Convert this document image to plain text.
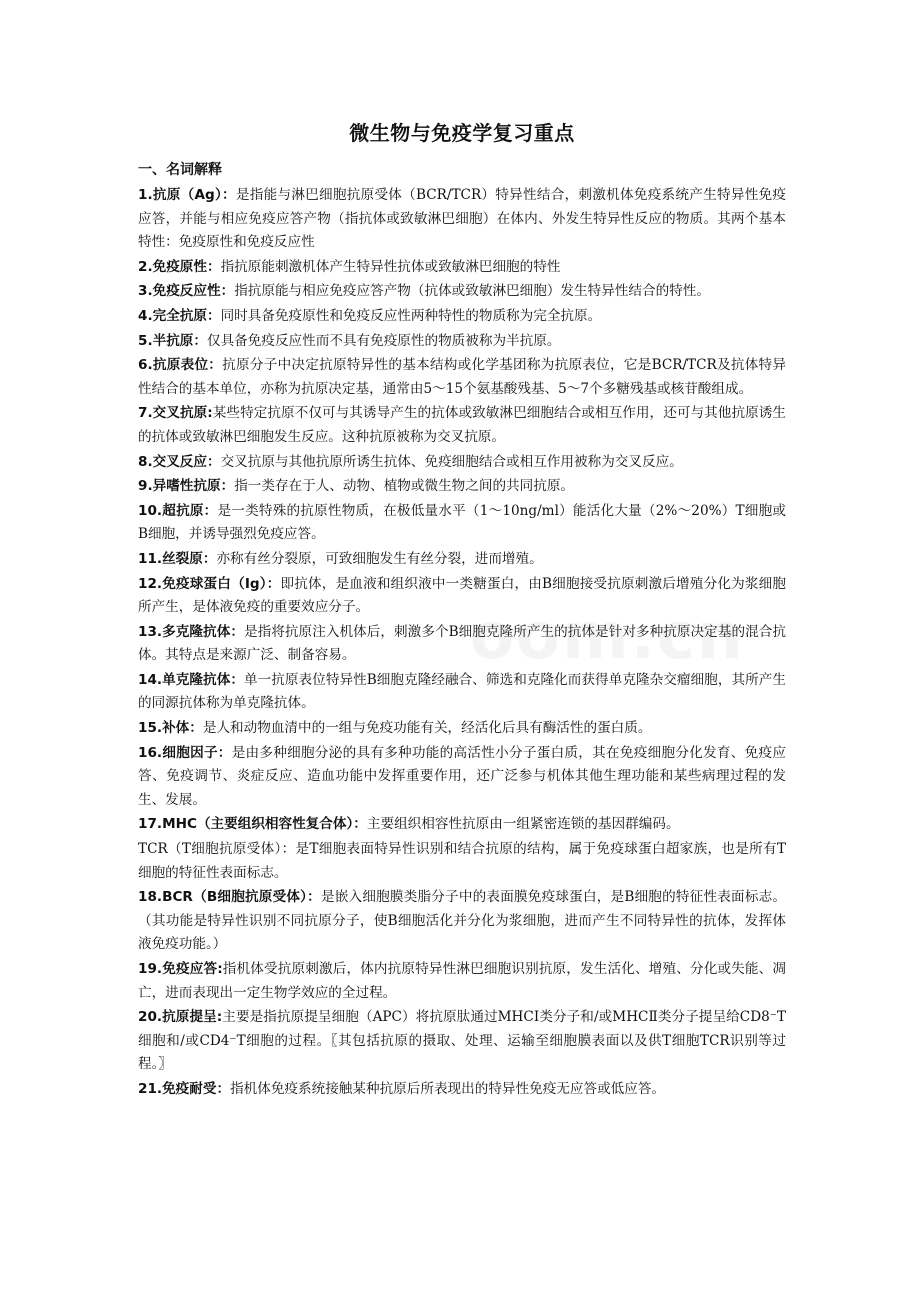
微生物与免疫学复习重点
一、名词解释

1.抗原（Ag）：是指能与淋巴细胞抗原受体（BCR/TCR）特异性结合，刺激机体免疫系统产生特异性免疫应答，并能与相应免疫应答产物（指抗体或致敏淋巴细胞）在体内、外发生特异性反应的物质。其两个基本特性：免疫原性和免疫反应性

2.免疫原性：指抗原能刺激机体产生特异性抗体或致敏淋巴细胞的特性

3.免疫反应性：指抗原能与相应免疫应答产物（抗体或致敏淋巴细胞）发生特异性结合的特性。

4.完全抗原：同时具备免疫原性和免疫反应性两种特性的物质称为完全抗原。

5.半抗原：仅具备免疫反应性而不具有免疫原性的物质被称为半抗原。

6.抗原表位：抗原分子中决定抗原特异性的基本结构或化学基团称为抗原表位，它是BCR/TCR及抗体特异性结合的基本单位，亦称为抗原决定基，通常由5～15个氨基酸残基、5～7个多糖残基或核苷酸组成。

7.交叉抗原:某些特定抗原不仅可与其诱导产生的抗体或致敏淋巴细胞结合或相互作用，还可与其他抗原诱生的抗体或致敏淋巴细胞发生反应。这种抗原被称为交叉抗原。

8.交叉反应：交叉抗原与其他抗原所诱生抗体、免疫细胞结合或相互作用被称为交叉反应。

9.异嗜性抗原：指一类存在于人、动物、植物或微生物之间的共同抗原。

10.超抗原：是一类特殊的抗原性物质，在极低量水平（1～10ng/ml）能活化大量（2%～20%）T细胞或B细胞，并诱导强烈免疫应答。

11.丝裂原：亦称有丝分裂原，可致细胞发生有丝分裂，进而增殖。

12.免疫球蛋白（Ig）：即抗体，是血液和组织液中一类糖蛋白，由B细胞接受抗原刺激后增殖分化为浆细胞所产生，是体液免疫的重要效应分子。

13.多克隆抗体：是指将抗原注入机体后，刺激多个B细胞克隆所产生的抗体是针对多种抗原决定基的混合抗体。其特点是来源广泛、制备容易。

14.单克隆抗体：单一抗原表位特异性B细胞克隆经融合、筛选和克隆化而获得单克隆杂交瘤细胞，其所产生的同源抗体称为单克隆抗体。

15.补体：是人和动物血清中的一组与免疫功能有关，经活化后具有酶活性的蛋白质。

16.细胞因子：是由多种细胞分泌的具有多种功能的高活性小分子蛋白质，其在免疫细胞分化发育、免疫应答、免疫调节、炎症反应、造血功能中发挥重要作用，还广泛参与机体其他生理功能和某些病理过程的发生、发展。

17.MHC（主要组织相容性复合体）：主要组织相容性抗原由一组紧密连锁的基因群编码。

TCR（T细胞抗原受体）：是T细胞表面特异性识别和结合抗原的结构，属于免疫球蛋白超家族，也是所有T细胞的特征性表面标志。

18.BCR（B细胞抗原受体）：是嵌入细胞膜类脂分子中的表面膜免疫球蛋白，是B细胞的特征性表面标志。（其功能是特异性识别不同抗原分子，使B细胞活化并分化为浆细胞，进而产生不同特异性的抗体，发挥体液免疫功能。）

19.免疫应答:指机体受抗原刺激后，体内抗原特异性淋巴细胞识别抗原，发生活化、增殖、分化或失能、凋亡，进而表现出一定生物学效应的全过程。

20.抗原提呈:主要是指抗原提呈细胞（APC）将抗原肽通过MHCⅠ类分子和/或MHCⅡ类分子提呈给CD8⁻T细胞和/或CD4⁻T细胞的过程。〖其包括抗原的摄取、处理、运输至细胞膜表面以及供T细胞TCR识别等过程。〗

21.免疫耐受：指机体免疫系统接触某种抗原后所表现出的特异性免疫无应答或低应答。
